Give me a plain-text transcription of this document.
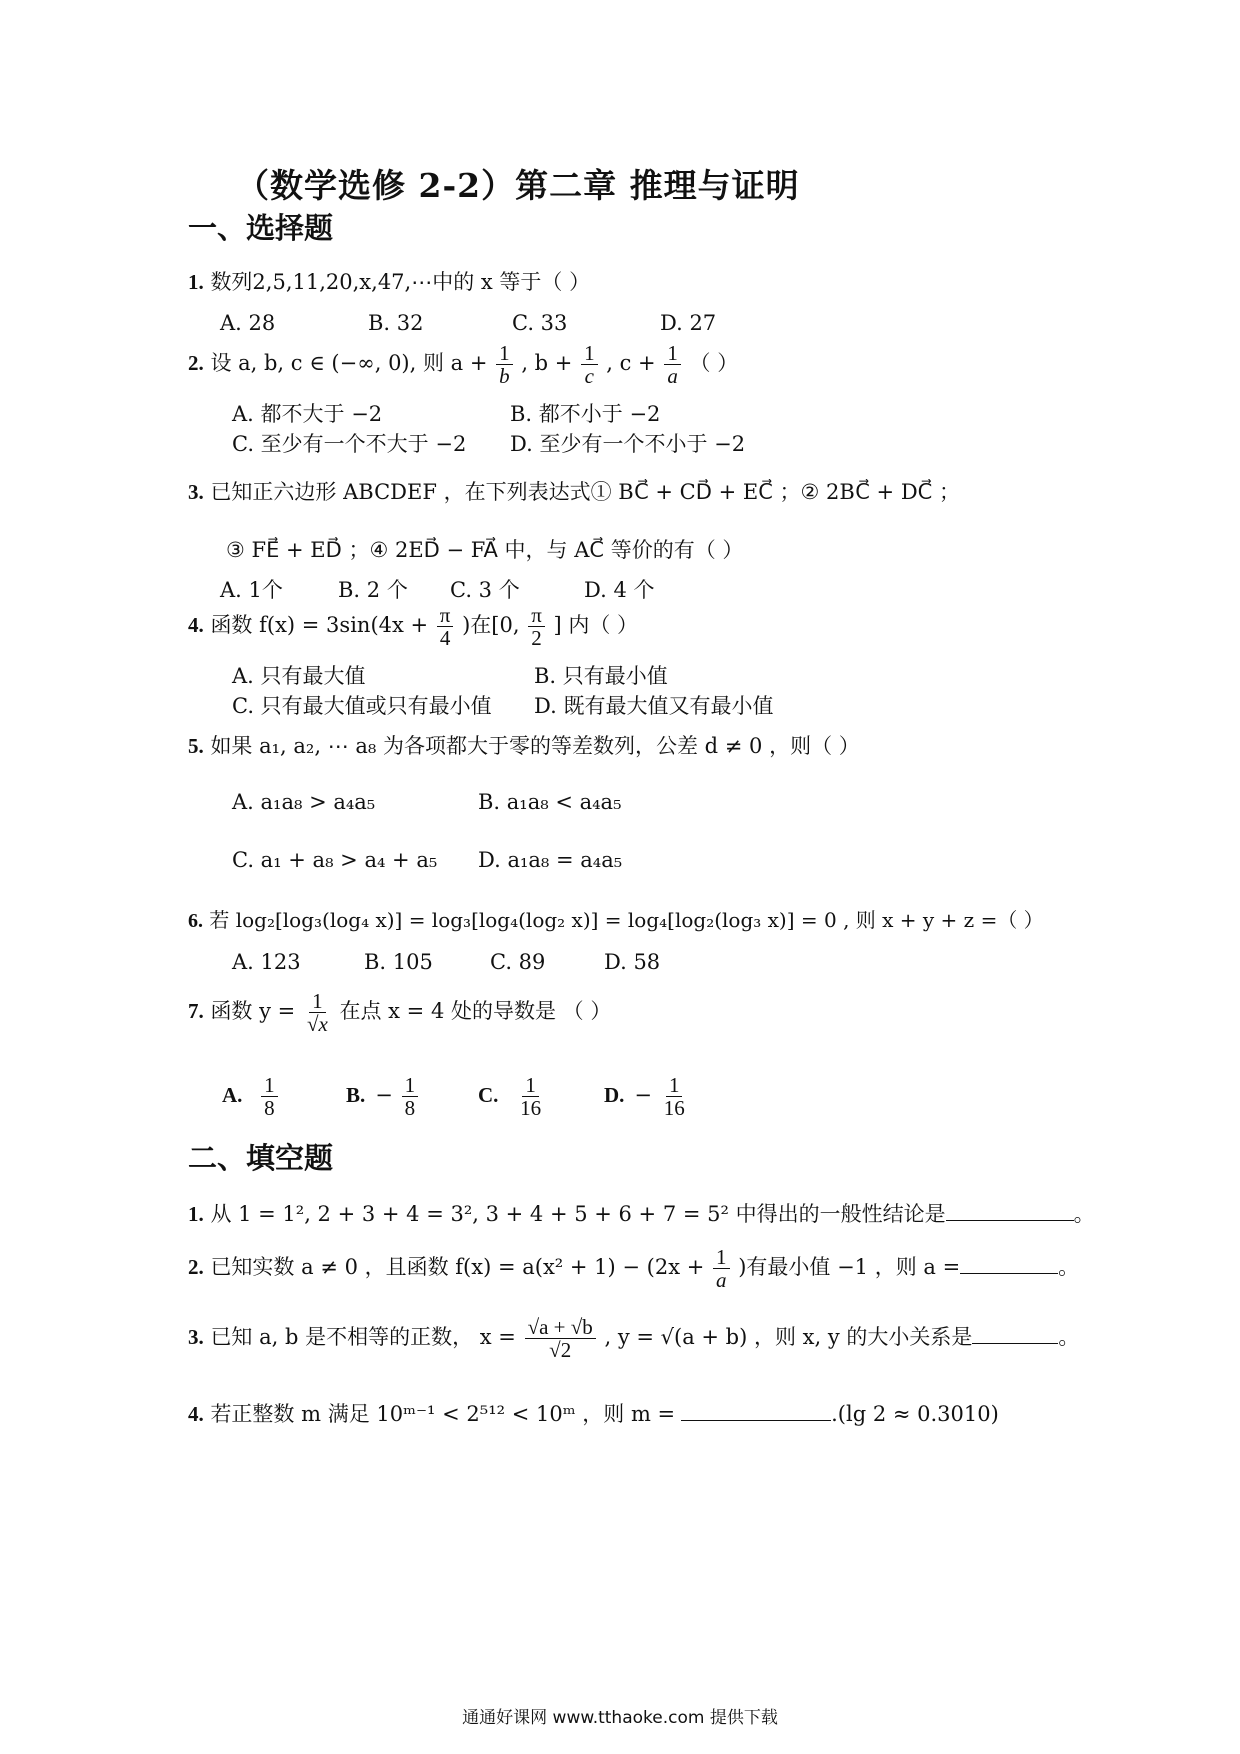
（数学选修 2-2）第二章 推理与证明
一、选择题
1. 数列2,5,11,20,x,47,⋯中的 x 等于（ ）
A. 28	B. 32	C. 33	D. 27
2. 设 a, b, c ∈ (−∞, 0), 则 $a + \frac{1}{b}$ , $b + \frac{1}{c}$ , $c + \frac{1}{a}$ （ ）
A. 都不大于 −2	B. 都不小于 −2
C. 至少有一个不大于 −2 D. 至少有一个不小于 −2
3. 已知正六边形 ABCDEF ，在下列表达式① BC⃗ + CD⃗ + EC⃗ ；② 2BC⃗ + DC⃗ ；
③ FE⃗ + ED⃗ ；④ 2ED⃗ − FA⃗ 中，与 AC⃗ 等价的有（ ）
A. 1个	B. 2 个 C. 3 个	D. 4 个
4. 函数 $f(x) = 3\sin(4x + \frac{\pi}{4}$ )在[0, $\frac{\pi}{2}$ ] 内（ ）
A. 只有最大值	B. 只有最小值
C. 只有最大值或只有最小值 D. 既有最大值又有最小值
5. 如果 a₁, a₂, ⋯ a₈ 为各项都大于零的等差数列，公差 d ≠ 0 ，则（ ）
A. a₁a₈ > a₄a₅	B. a₁a₈ < a₄a₅
C. a₁ + a₈ > a₄ + a₅ D. a₁a₈ = a₄a₅
6. 若 log₂[log₃(log₄ x)] = log₃[log₄(log₂ x)] = log₄[log₂(log₃ x)] = 0 , 则 x + y + z =（ ）
A. 123	B. 105	C. 89	D. 58
7. 函数 $y = \frac{1}{√x}$ 在点 x = 4 处的导数是 （ ）
A. $\frac{1}{8}$	B. − $\frac{1}{8}$	C. $\frac{1}{16}$	D. − $\frac{1}{16}$
二、填空题
1. 从 1 = 1², 2 + 3 + 4 = 3², 3 + 4 + 5 + 6 + 7 = 5² 中得出的一般性结论是	。
2. 已知实数 a ≠ 0 ，且函数 $f(x) = a(x^2 + 1) - (2x + \frac{1}{a}$ )有最小值 −1 ，则 a =	。
3. 已知 a, b 是不相等的正数， $x = \frac{√a + √b}{√2}$ , y = √(a + b) ，则 x, y 的大小关系是	。
4. 若正整数 m 满足 10ᵐ⁻¹ < 2⁵¹² < 10ᵐ ，则 m =	.(lg 2 ≈ 0.3010)
通通好课网 www.tthaoke.com 提供下载
